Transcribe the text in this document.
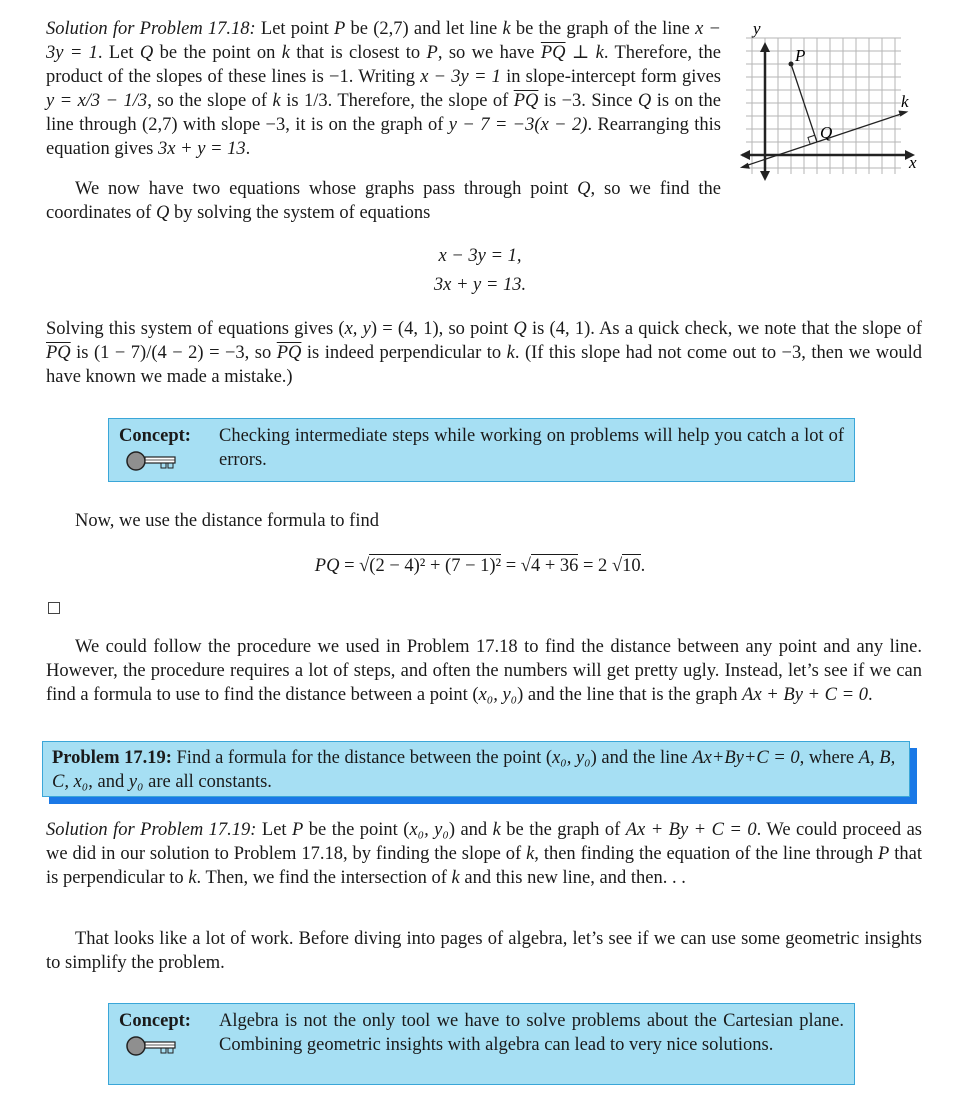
Solution for Problem 17.18: Let point P be (2,7) and let line k be the graph of the line x − 3y = 1. Let Q be the point on k that is closest to P, so we have $\overline{PQ}$ ⊥ k. Therefore, the product of the slopes of these lines is −1. Writing x − 3y = 1 in slope-intercept form gives y = x/3 − 1/3, so the slope of k is 1/3. Therefore, the slope of $\overline{PQ}$ is −3. Since Q is on the line through (2,7) with slope −3, it is on the graph of y − 7 = −3(x − 2). Rearranging this equation gives 3x + y = 13.
y
x
P
Q
k
We now have two equations whose graphs pass through point Q, so we find the coordinates of Q by solving the system of equations
x − 3y = 1,
3x + y = 13.
Solving this system of equations gives (x, y) = (4, 1), so point Q is (4, 1). As a quick check, we note that the slope of $\overline{PQ}$ is (1 − 7)/(4 − 2) = −3, so $\overline{PQ}$ is indeed perpendicular to k. (If this slope had not come out to −3, then we would have known we made a mistake.)
Concept: Checking intermediate steps while working on problems will help you catch a lot of errors.
Now, we use the distance formula to find
PQ = √(2 − 4)² + (7 − 1)² = √4 + 36 = 2 √10.
We could follow the procedure we used in Problem 17.18 to find the distance between any point and any line. However, the procedure requires a lot of steps, and often the numbers will get pretty ugly. Instead, let’s see if we can find a formula to use to find the distance between a point (x₀, y₀) and the line that is the graph Ax + By + C = 0.
Problem 17.19: Find a formula for the distance between the point (x₀, y₀) and the line Ax+By+C = 0, where A, B, C, x₀, and y₀ are all constants.
Solution for Problem 17.19: Let P be the point (x₀, y₀) and k be the graph of Ax + By + C = 0. We could proceed as we did in our solution to Problem 17.18, by finding the slope of k, then finding the equation of the line through P that is perpendicular to k. Then, we find the intersection of k and this new line, and then. . .
That looks like a lot of work. Before diving into pages of algebra, let’s see if we can use some geometric insights to simplify the problem.
Concept: Algebra is not the only tool we have to solve problems about the Cartesian plane. Combining geometric insights with algebra can lead to very nice solutions.
